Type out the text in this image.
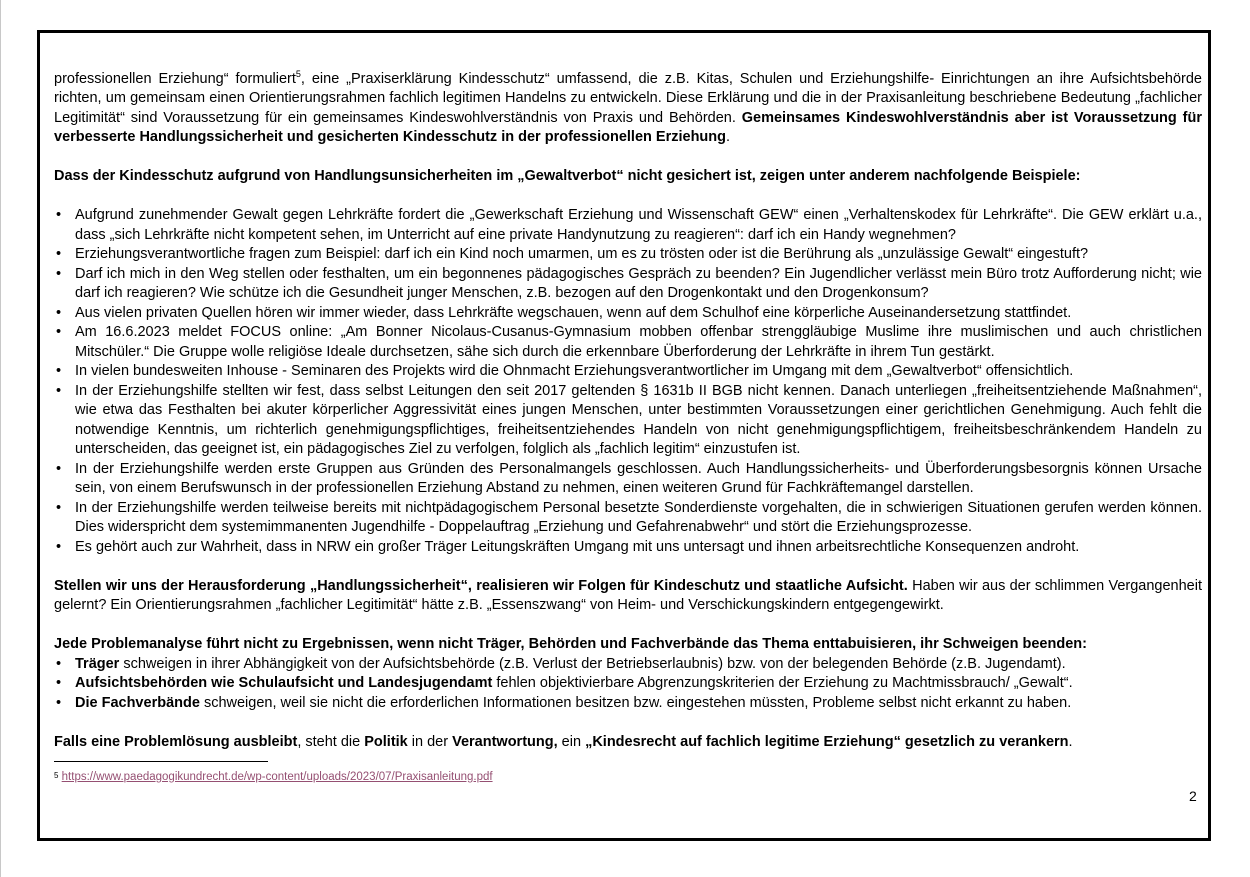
professionellen Erziehung“ formuliert$^5$, eine „Praxiserklärung Kindesschutz“ umfassend, die z.B. Kitas, Schulen und Erziehungshilfe- Einrichtungen an ihre Aufsichtsbehörde richten, um gemeinsam einen Orientierungsrahmen fachlich legitimen Handelns zu entwickeln. Diese Erklärung und die in der Praxisanleitung beschriebene Bedeutung „fachlicher Legitimität“ sind Voraussetzung für ein gemeinsames Kindeswohlverständnis von Praxis und Behörden. Gemeinsames Kindeswohlverständnis aber ist Voraussetzung für verbesserte Handlungssicherheit und gesicherten Kindesschutz in der professionellen Erziehung.

Dass der Kindesschutz aufgrund von Handlungsunsicherheiten im „Gewaltverbot“ nicht gesichert ist, zeigen unter anderem nachfolgende Beispiele:

• Aufgrund zunehmender Gewalt gegen Lehrkräfte fordert die „Gewerkschaft Erziehung und Wissenschaft GEW“ einen „Verhaltenskodex für Lehrkräfte“. Die GEW erklärt u.a., dass „sich Lehrkräfte nicht kompetent sehen, im Unterricht auf eine private Handynutzung zu reagieren“: darf ich ein Handy wegnehmen?
• Erziehungsverantwortliche fragen zum Beispiel: darf ich ein Kind noch umarmen, um es zu trösten oder ist die Berührung als „unzulässige Gewalt“ eingestuft?
• Darf ich mich in den Weg stellen oder festhalten, um ein begonnenes pädagogisches Gespräch zu beenden? Ein Jugendlicher verlässt mein Büro trotz Aufforderung nicht; wie darf ich reagieren? Wie schütze ich die Gesundheit junger Menschen, z.B. bezogen auf den Drogenkontakt und den Drogenkonsum?
• Aus vielen privaten Quellen hören wir immer wieder, dass Lehrkräfte wegschauen, wenn auf dem Schulhof eine körperliche Auseinandersetzung stattfindet.
• Am 16.6.2023 meldet FOCUS online: „Am Bonner Nicolaus-Cusanus-Gymnasium mobben offenbar strenggläubige Muslime ihre muslimischen und auch christlichen Mitschüler.“ Die Gruppe wolle religiöse Ideale durchsetzen, sähe sich durch die erkennbare Überforderung der Lehrkräfte in ihrem Tun gestärkt.
• In vielen bundesweiten Inhouse - Seminaren des Projekts wird die Ohnmacht Erziehungsverantwortlicher im Umgang mit dem „Gewaltverbot“ offensichtlich.
• In der Erziehungshilfe stellten wir fest, dass selbst Leitungen den seit 2017 geltenden § 1631b II BGB nicht kennen. Danach unterliegen „freiheitsentziehende Maßnahmen“, wie etwa das Festhalten bei akuter körperlicher Aggressivität eines jungen Menschen, unter bestimmten Voraussetzungen einer gerichtlichen Genehmigung. Auch fehlt die notwendige Kenntnis, um richterlich genehmigungspflichtiges, freiheitsentziehendes Handeln von nicht genehmigungspflichtigem, freiheitsbeschränkendem Handeln zu unterscheiden, das geeignet ist, ein pädagogisches Ziel zu verfolgen, folglich als „fachlich legitim“ einzustufen ist.
• In der Erziehungshilfe werden erste Gruppen aus Gründen des Personalmangels geschlossen. Auch Handlungssicherheits- und Überforderungsbesorgnis können Ursache sein, von einem Berufswunsch in der professionellen Erziehung Abstand zu nehmen, einen weiteren Grund für Fachkräftemangel darstellen.
• In der Erziehungshilfe werden teilweise bereits mit nichtpädagogischem Personal besetzte Sonderdienste vorgehalten, die in schwierigen Situationen gerufen werden können. Dies widerspricht dem systemimmanenten Jugendhilfe - Doppelauftrag „Erziehung und Gefahrenabwehr“ und stört die Erziehungsprozesse.
• Es gehört auch zur Wahrheit, dass in NRW ein großer Träger Leitungskräften Umgang mit uns untersagt und ihnen arbeitsrechtliche Konsequenzen androht.

Stellen wir uns der Herausforderung „Handlungssicherheit“, realisieren wir Folgen für Kindeschutz und staatliche Aufsicht. Haben wir aus der schlimmen Vergangenheit gelernt? Ein Orientierungsrahmen „fachlicher Legitimität“ hätte z.B. „Essenszwang“ von Heim- und Verschickungskindern entgegengewirkt.

Jede Problemanalyse führt nicht zu Ergebnissen, wenn nicht Träger, Behörden und Fachverbände das Thema enttabuisieren, ihr Schweigen beenden:

• Träger schweigen in ihrer Abhängigkeit von der Aufsichtsbehörde (z.B. Verlust der Betriebserlaubnis) bzw. von der belegenden Behörde (z.B. Jugendamt).
• Aufsichtsbehörden wie Schulaufsicht und Landesjugendamt fehlen objektivierbare Abgrenzungskriterien der Erziehung zu Machtmissbrauch/ „Gewalt“.
• Die Fachverbände schweigen, weil sie nicht die erforderlichen Informationen besitzen bzw. eingestehen müssten, Probleme selbst nicht erkannt zu haben.

Falls eine Problemlösung ausbleibt, steht die Politik in der Verantwortung, ein „Kindesrecht auf fachlich legitime Erziehung“ gesetzlich zu verankern.

$^5$ https://www.paedagogikundrecht.de/wp-content/uploads/2023/07/Praxisanleitung.pdf
2
